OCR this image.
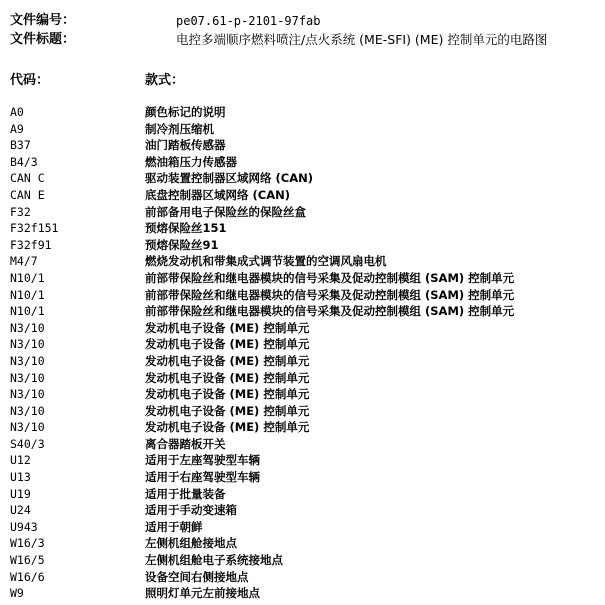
文件编号：	pe07.61-p-2101-97fab
文件标题：	电控多端顺序燃料喷注/点火系统 (ME-SFI) (ME) 控制单元的电路图
代码：	款式：
A0	颜色标记的说明
A9	制冷剂压缩机
B37	油门踏板传感器
B4/3	燃油箱压力传感器
CAN C	驱动装置控制器区域网络 (CAN)
CAN E	底盘控制器区域网络 (CAN)
F32	前部备用电子保险丝的保险丝盒
F32f151	预熔保险丝151
F32f91	预熔保险丝91
M4/7	燃烧发动机和带集成式调节装置的空调风扇电机
N10/1	前部带保险丝和继电器模块的信号采集及促动控制模组 (SAM) 控制单元
N10/1	前部带保险丝和继电器模块的信号采集及促动控制模组 (SAM) 控制单元
N10/1	前部带保险丝和继电器模块的信号采集及促动控制模组 (SAM) 控制单元
N3/10	发动机电子设备 (ME) 控制单元
N3/10	发动机电子设备 (ME) 控制单元
N3/10	发动机电子设备 (ME) 控制单元
N3/10	发动机电子设备 (ME) 控制单元
N3/10	发动机电子设备 (ME) 控制单元
N3/10	发动机电子设备 (ME) 控制单元
N3/10	发动机电子设备 (ME) 控制单元
S40/3	离合器踏板开关
U12	适用于左座驾驶型车辆
U13	适用于右座驾驶型车辆
U19	适用于批量装备
U24	适用于手动变速箱
U943	适用于朝鲜
W16/3	左侧机组舱接地点
W16/5	左侧机组舱电子系统接地点
W16/6	设备空间右侧接地点
W9	照明灯单元左前接地点
